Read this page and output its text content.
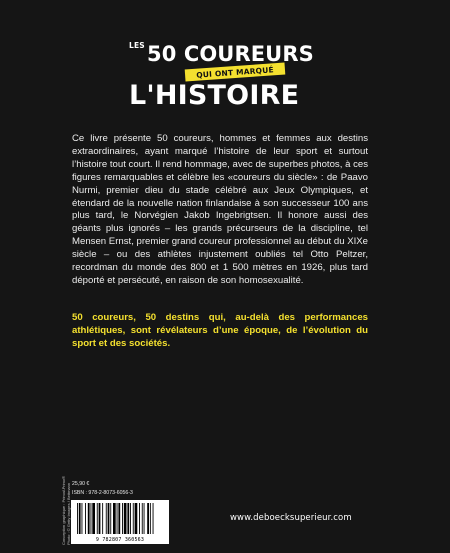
LES 50 COUREURS
QUI ONT MARQUÉ
L'HISTOIRE

Ce livre présente 50 coureurs, hommes et femmes aux destins extraordinaires, ayant marqué l’histoire de leur sport et surtout l’histoire tout court. Il rend hommage, avec de superbes photos, à ces figures remarquables et célèbre les «coureurs du siècle» : de Paavo Nurmi, premier dieu du stade célébré aux Jeux Olympiques, et étendard de la nouvelle nation finlandaise à son successeur 100 ans plus tard, le Norvégien Jakob Ingebrigtsen. Il honore aussi des géants plus ignorés – les grands précurseurs de la discipline, tel Mensen Ernst, premier grand coureur professionnel au début du XIXe siècle – ou des athlètes injustement oubliés tel Otto Peltzer, recordman du monde des 800 et 1 500 mètres en 1926, plus tard déporté et persécuté, en raison de son homosexualité.

50 coureurs, 50 destins qui, au-delà des performances athlétiques, sont révélateurs d’une époque, de l’évolution du sport et des sociétés.

Conception graphique : PrimoAPrimo® Photo : © Getty Images / Bettmann 25,90 €
ISBN : 978-2-8073-6056-3
9 782807 360563
www.deboecksuperieur.com
